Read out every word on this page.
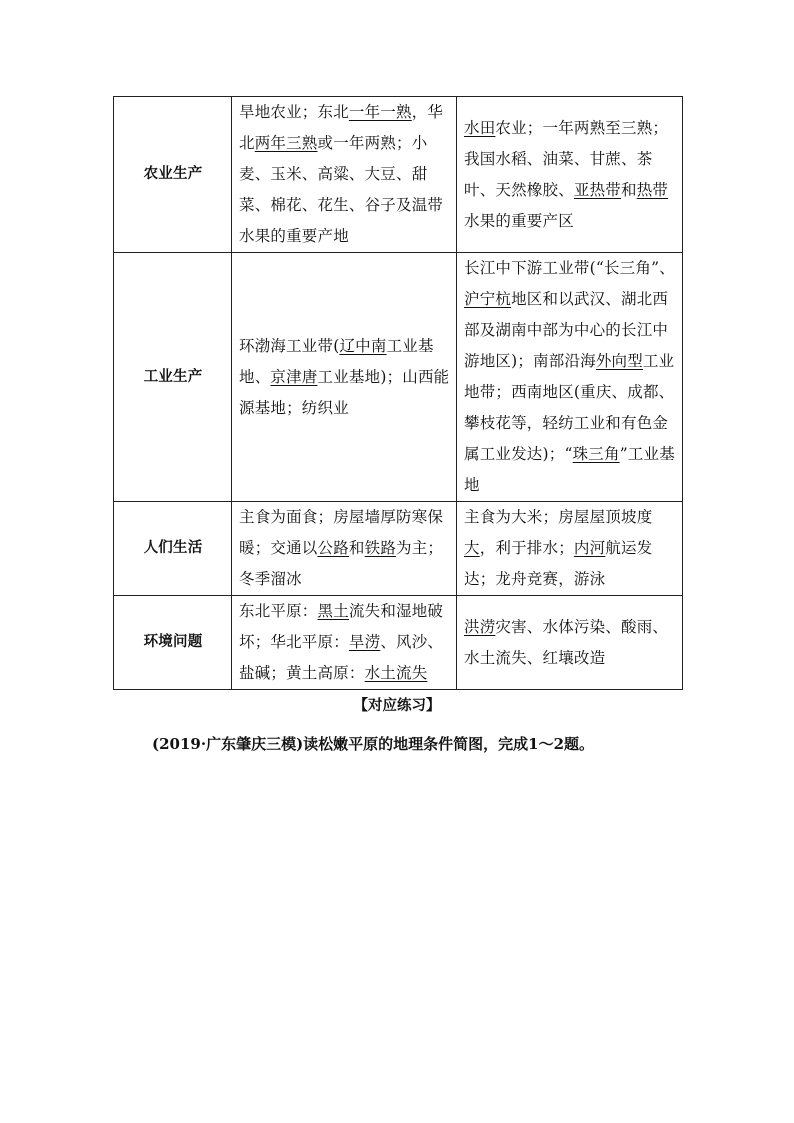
农业生产	旱地农业；东北一年一熟，华北两年三熟或一年两熟；小麦、玉米、高粱、大豆、甜菜、棉花、花生、谷子及温带水果的重要产地	水田农业；一年两熟至三熟；我国水稻、油菜、甘蔗、茶叶、天然橡胶、亚热带和热带水果的重要产区
工业生产	环渤海工业带(辽中南工业基地、京津唐工业基地)；山西能源基地；纺织业	长江中下游工业带(“长三角”、沪宁杭地区和以武汉、湖北西部及湖南中部为中心的长江中游地区)；南部沿海外向型工业地带；西南地区(重庆、成都、攀枝花等，轻纺工业和有色金属工业发达)；“珠三角”工业基地
人们生活	主食为面食；房屋墙厚防寒保暖；交通以公路和铁路为主；冬季溜冰	主食为大米；房屋屋顶坡度大，利于排水；内河航运发达；龙舟竞赛，游泳
环境问题	东北平原：黑土流失和湿地破坏；华北平原：旱涝、风沙、盐碱；黄土高原：水土流失	洪涝灾害、水体污染、酸雨、水土流失、红壤改造
【对应练习】
(2019·广东肇庆三模)读松嫩平原的地理条件简图，完成1～2题。
